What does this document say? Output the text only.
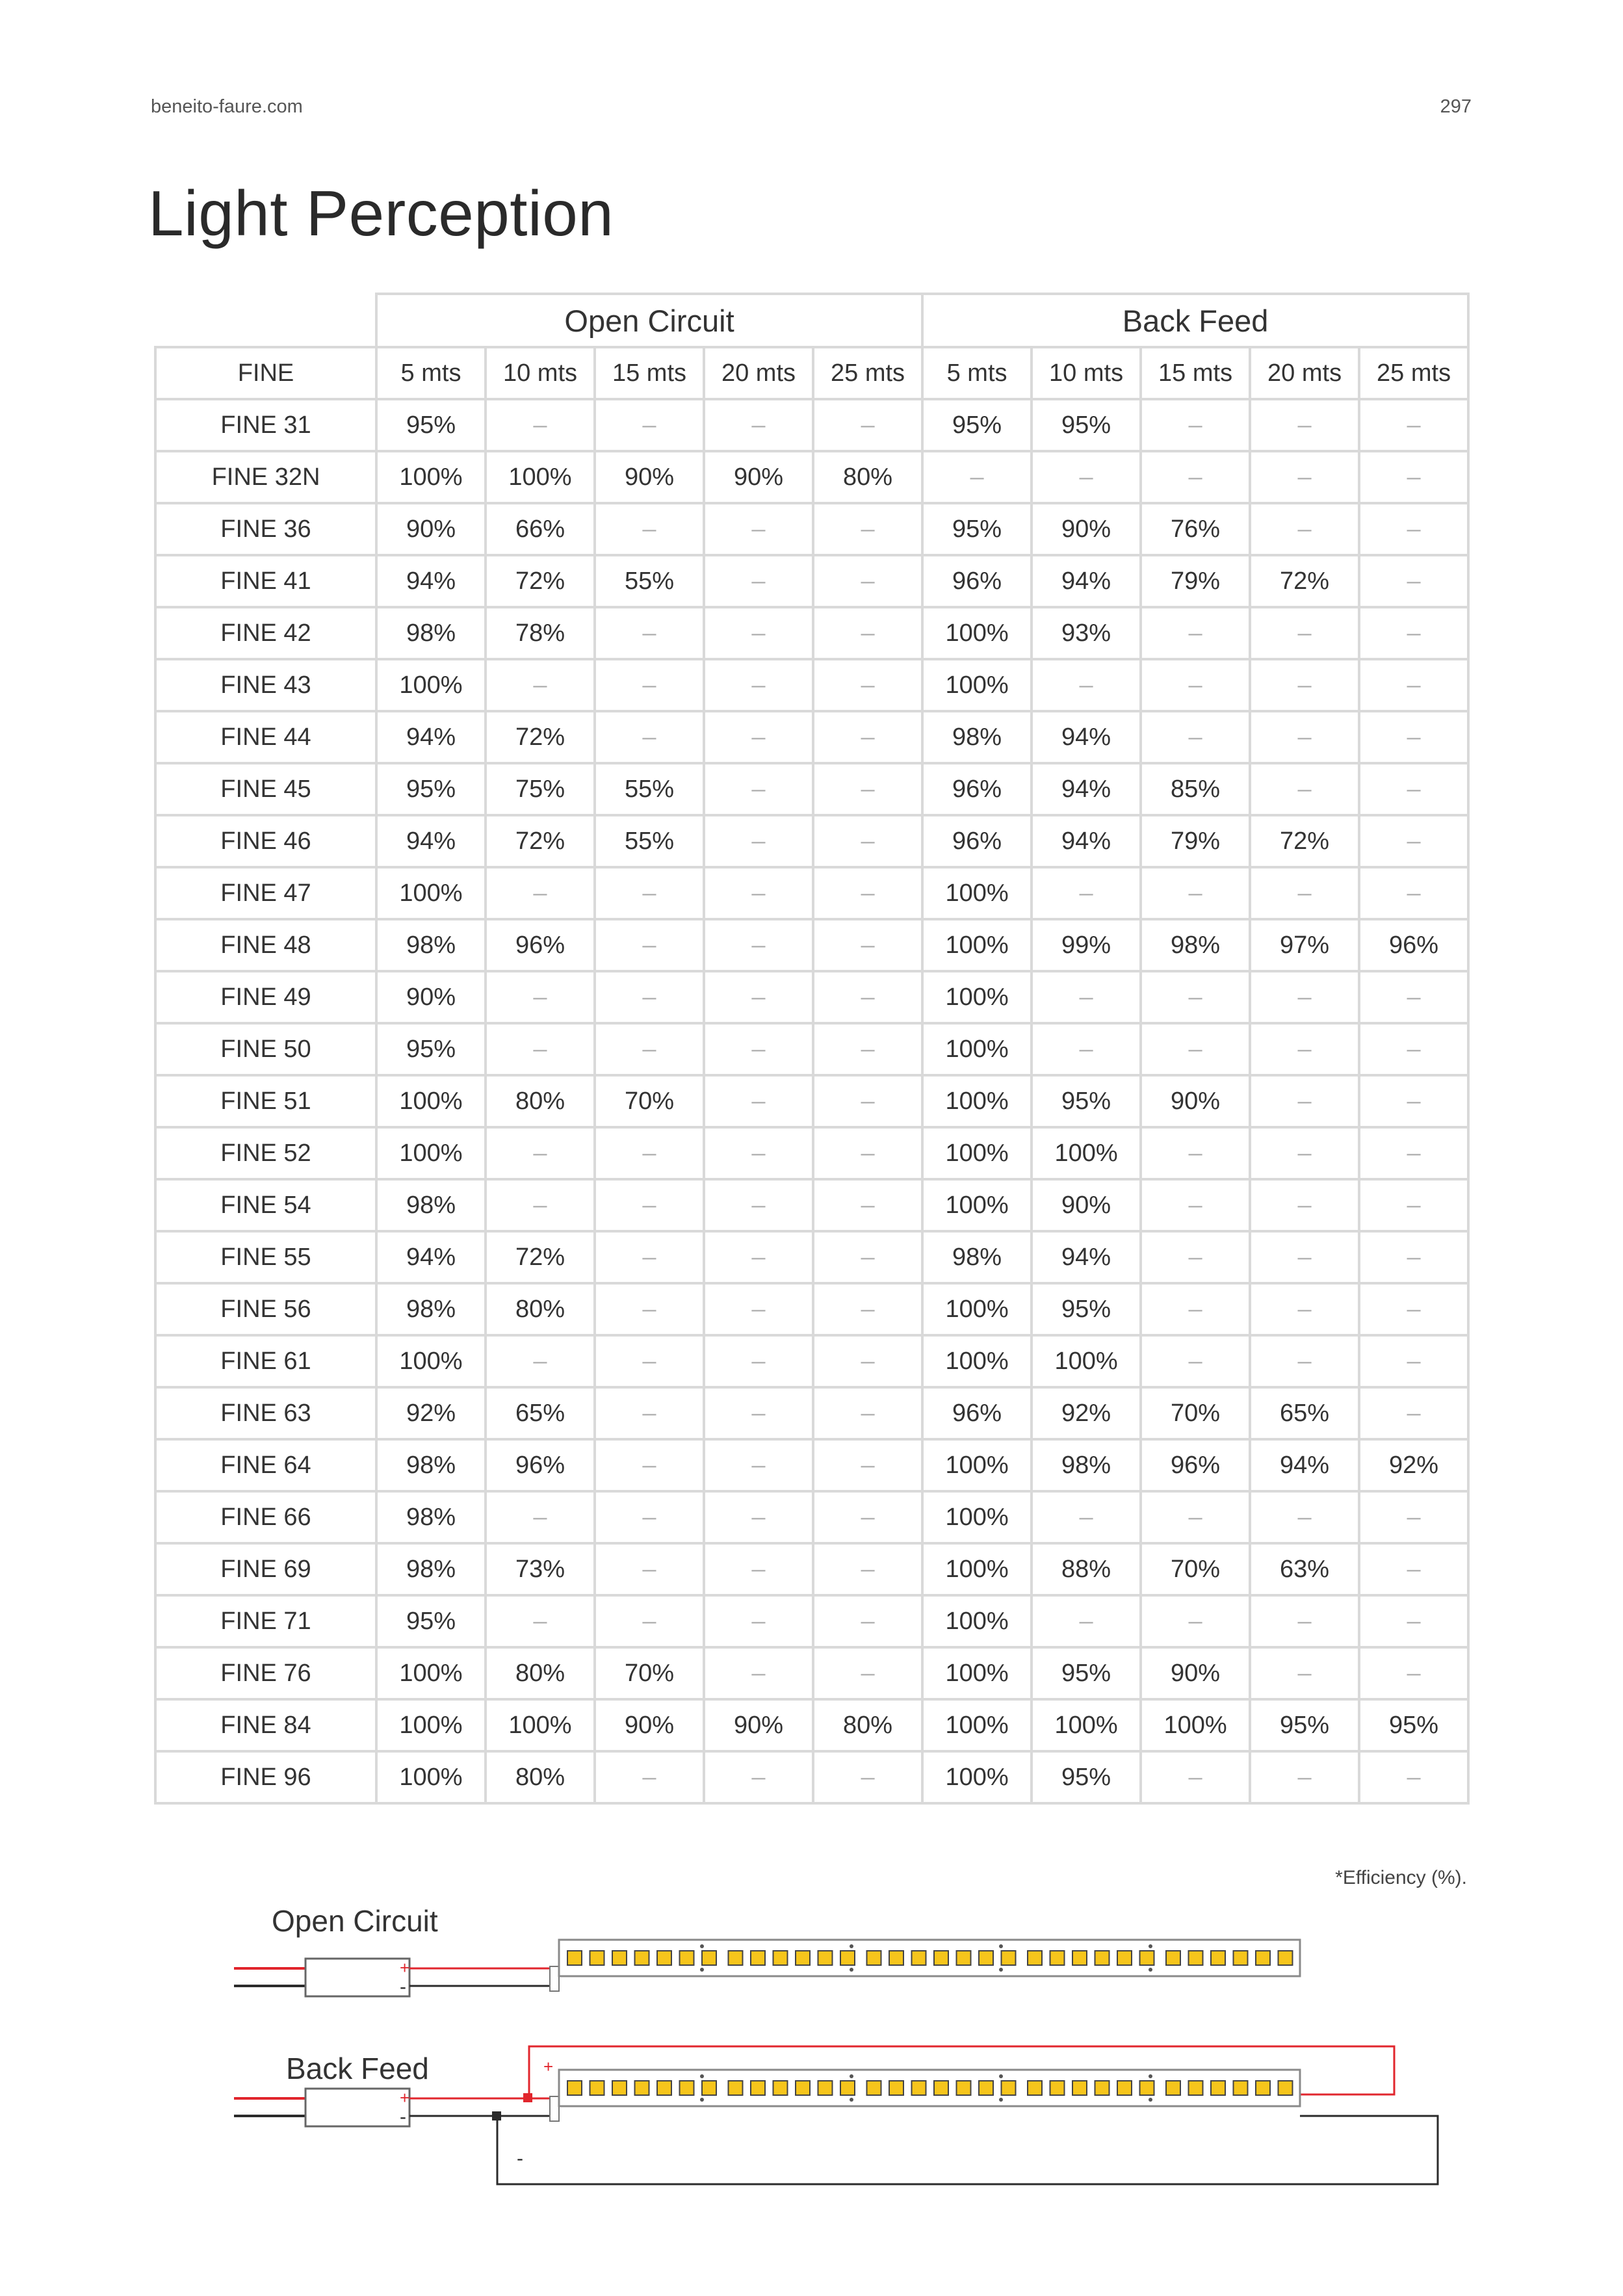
beneito-faure.com	297
Light Perception
	Open Circuit					Back Feed				
FINE	5 mts	10 mts	15 mts	20 mts	25 mts	5 mts	10 mts	15 mts	20 mts	25 mts
FINE 31	95%	–	–	–	–	95%	95%	–	–	–
FINE 32N	100%	100%	90%	90%	80%	–	–	–	–	–
FINE 36	90%	66%	–	–	–	95%	90%	76%	–	–
FINE 41	94%	72%	55%	–	–	96%	94%	79%	72%	–
FINE 42	98%	78%	–	–	–	100%	93%	–	–	–
FINE 43	100%	–	–	–	–	100%	–	–	–	–
FINE 44	94%	72%	–	–	–	98%	94%	–	–	–
FINE 45	95%	75%	55%	–	–	96%	94%	85%	–	–
FINE 46	94%	72%	55%	–	–	96%	94%	79%	72%	–
FINE 47	100%	–	–	–	–	100%	–	–	–	–
FINE 48	98%	96%	–	–	–	100%	99%	98%	97%	96%
FINE 49	90%	–	–	–	–	100%	–	–	–	–
FINE 50	95%	–	–	–	–	100%	–	–	–	–
FINE 51	100%	80%	70%	–	–	100%	95%	90%	–	–
FINE 52	100%	–	–	–	–	100%	100%	–	–	–
FINE 54	98%	–	–	–	–	100%	90%	–	–	–
FINE 55	94%	72%	–	–	–	98%	94%	–	–	–
FINE 56	98%	80%	–	–	–	100%	95%	–	–	–
FINE 61	100%	–	–	–	–	100%	100%	–	–	–
FINE 63	92%	65%	–	–	–	96%	92%	70%	65%	–
FINE 64	98%	96%	–	–	–	100%	98%	96%	94%	92%
FINE 66	98%	–	–	–	–	100%	–	–	–	–
FINE 69	98%	73%	–	–	–	100%	88%	70%	63%	–
FINE 71	95%	–	–	–	–	100%	–	–	–	–
FINE 76	100%	80%	70%	–	–	100%	95%	90%	–	–
FINE 84	100%	100%	90%	90%	80%	100%	100%	100%	95%	95%
FINE 96	100%	80%	–	–	–	100%	95%	–	–	–
*Efficiency (%).
Open Circuit
Back Feed
+
-
+
-
+
-
